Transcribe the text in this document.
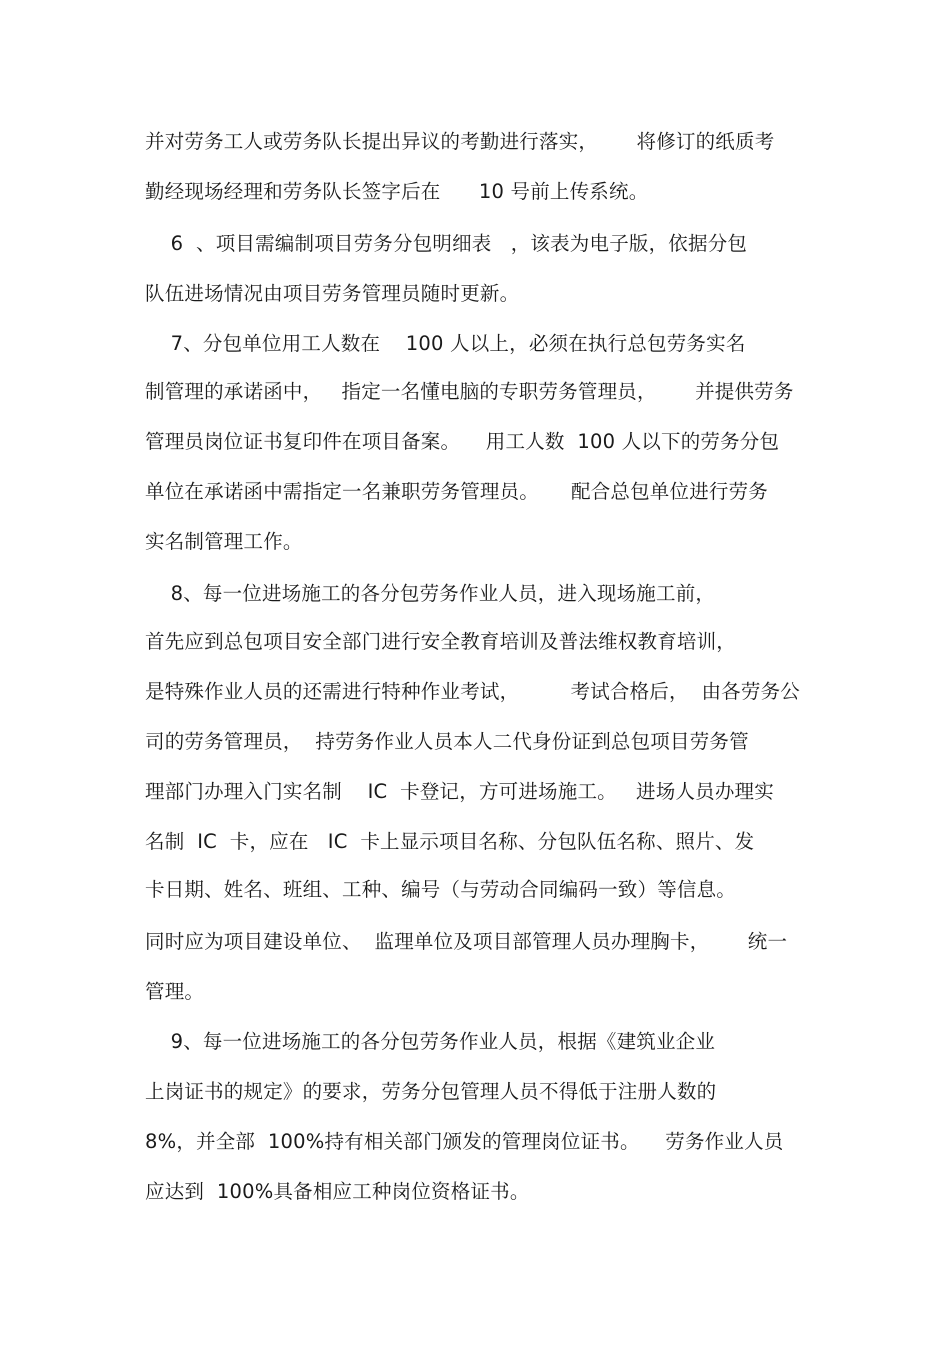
并对劳务工人或劳务队长提出异议的考勤进行落实，      将修订的纸质考
勤经现场经理和劳务队长签字后在      10 号前上传系统。
6  、项目需编制项目劳务分包明细表   ，该表为电子版，依据分包
队伍进场情况由项目劳务管理员随时更新。
7、分包单位用工人数在    100 人以上，必须在执行总包劳务实名
制管理的承诺函中，   指定一名懂电脑的专职劳务管理员，      并提供劳务
管理员岗位证书复印件在项目备案。    用工人数  100 人以下的劳务分包
单位在承诺函中需指定一名兼职劳务管理员。     配合总包单位进行劳务
实名制管理工作。
8、每一位进场施工的各分包劳务作业人员，进入现场施工前，
首先应到总包项目安全部门进行安全教育培训及普法维权教育培训，
是特殊作业人员的还需进行特种作业考试，        考试合格后，  由各劳务公
司的劳务管理员，  持劳务作业人员本人二代身份证到总包项目劳务管
理部门办理入门实名制    IC  卡登记，方可进场施工。   进场人员办理实
名制  IC  卡，应在   IC  卡上显示项目名称、分包队伍名称、照片、发
卡日期、姓名、班组、工种、编号（与劳动合同编码一致）等信息。
同时应为项目建设单位、  监理单位及项目部管理人员办理胸卡，      统一
管理。
9、每一位进场施工的各分包劳务作业人员，根据《建筑业企业
上岗证书的规定》的要求，劳务分包管理人员不得低于注册人数的
8%，并全部  100%持有相关部门颁发的管理岗位证书。    劳务作业人员
应达到  100%具备相应工种岗位资格证书。
